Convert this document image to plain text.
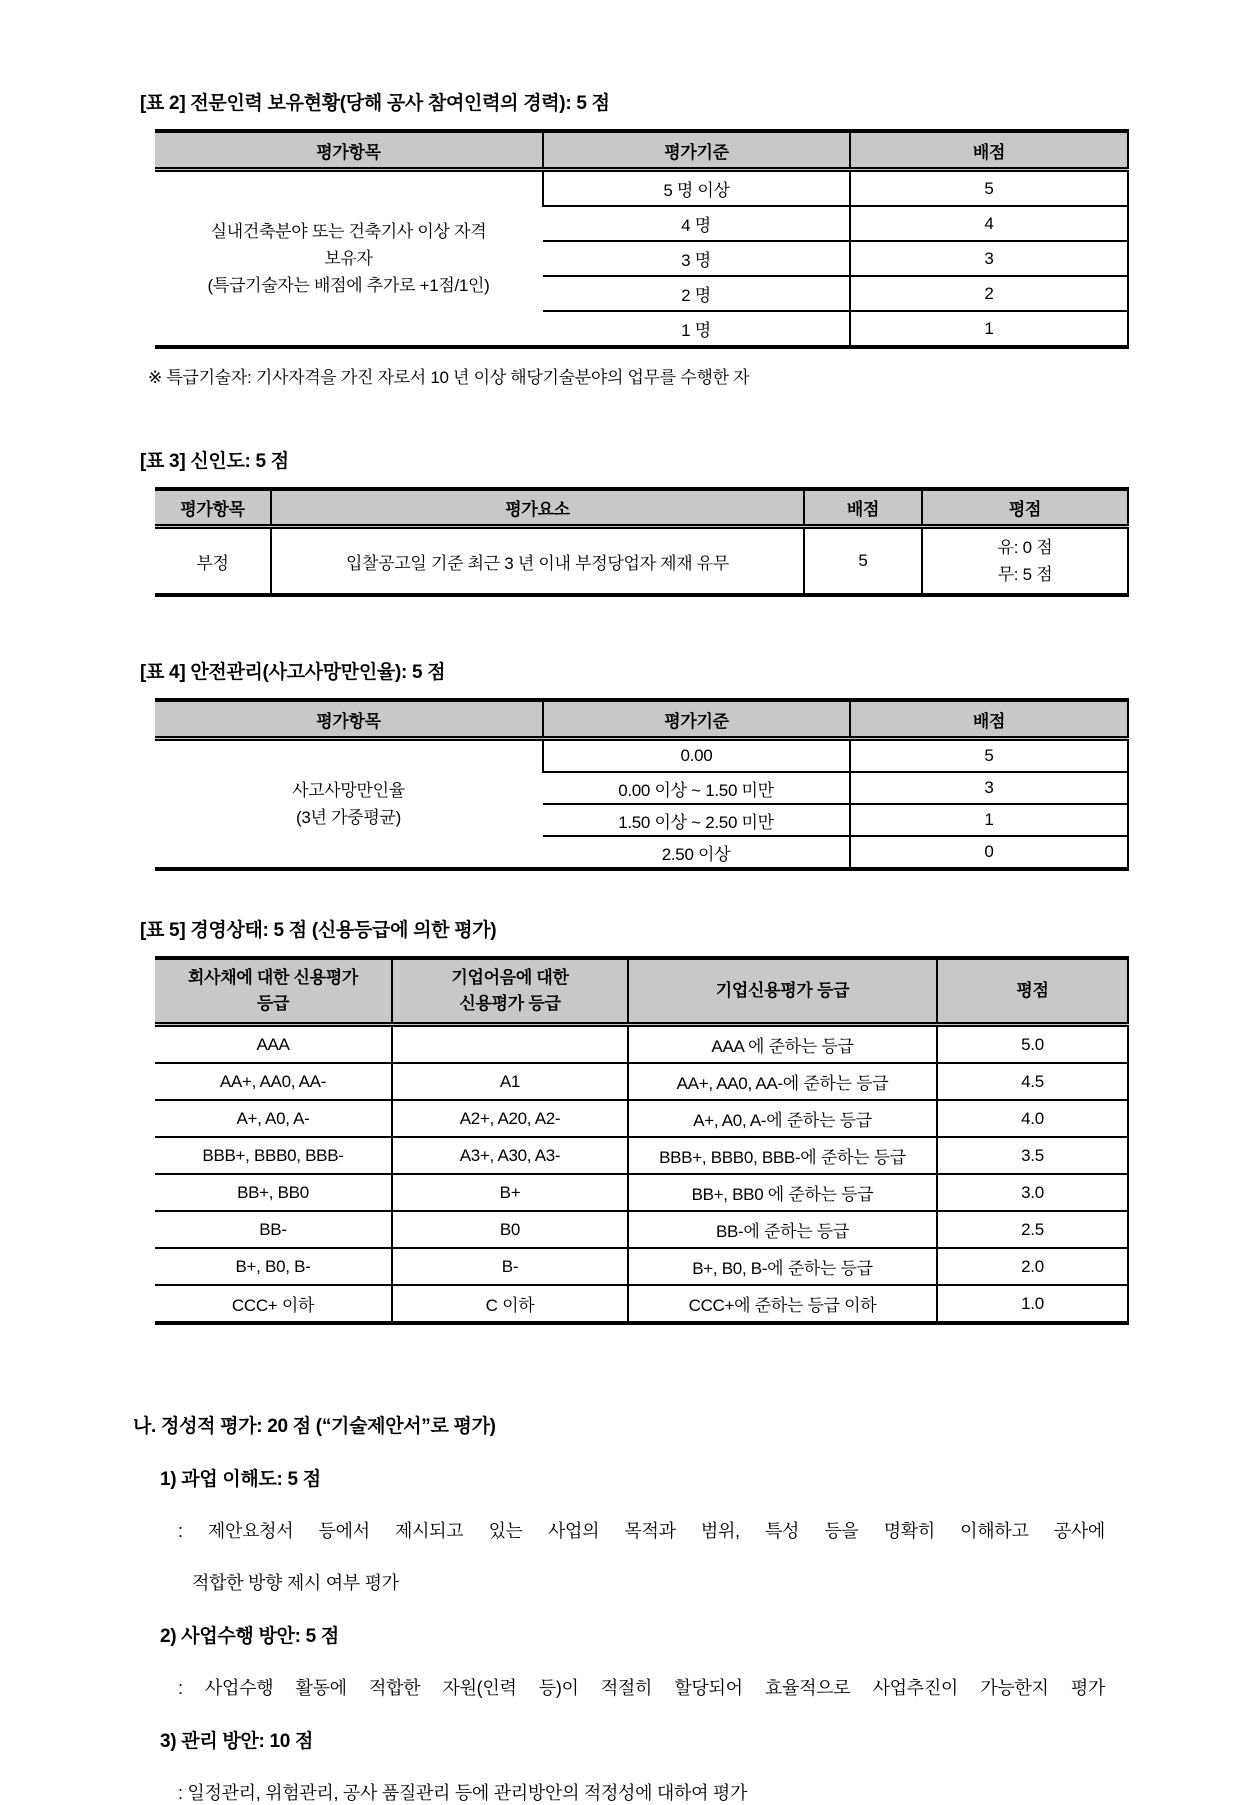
[표 2] 전문인력 보유현황(당해 공사 참여인력의 경력): 5 점
평가항목	평가기준	배점

실내건축분야 또는 건축기사 이상 자격
보유자
(특급기술자는 배점에 추가로 +1점/1인)	5 명 이상	5
	4 명	4
	3 명	3
	2 명	2
	1 명	1
※ 특급기술자: 기사자격을 가진 자로서 10 년 이상 해당기술분야의 업무를 수행한 자
[표 3] 신인도: 5 점
평가항목	평가요소	배점	평점
부정	입찰공고일 기준 최근 3 년 이내 부정당업자 제재 유무	5	유: 0 점
무: 5 점
[표 4] 안전관리(사고사망만인율): 5 점
평가항목	평가기준	배점

사고사망만인율
(3년 가중평균)	0.00	5
	0.00 이상 ~ 1.50 미만	3
	1.50 이상 ~ 2.50 미만	1
	2.50 이상	0
[표 5] 경영상태: 5 점 (신용등급에 의한 평가)
회사채에 대한 신용평가
등급

기업어음에 대한
신용평가 등급
	기업신용평가 등급	평점
AAA		AAA 에 준하는 등급	5.0
AA+, AA0, AA-	A1	AA+, AA0, AA-에 준하는 등급	4.5
A+, A0, A-	A2+, A20, A2-	A+, A0, A-에 준하는 등급	4.0
BBB+, BBB0, BBB-	A3+, A30, A3-	BBB+, BBB0, BBB-에 준하는 등급	3.5
BB+, BB0	B+	BB+, BB0 에 준하는 등급	3.0
BB-	B0	BB-에 준하는 등급	2.5
B+, B0, B-	B-	B+, B0, B-에 준하는 등급	2.0
CCC+ 이하	C 이하	CCC+에 준하는 등급 이하	1.0
나. 정성적 평가: 20 점 (“기술제안서”로 평가)
1) 과업 이해도: 5 점
: 제안요청서 등에서 제시되고 있는 사업의 목적과 범위, 특성 등을 명확히 이해하고 공사에
적합한 방향 제시 여부 평가
2) 사업수행 방안: 5 점
: 사업수행 활동에 적합한 자원(인력 등)이 적절히 할당되어 효율적으로 사업추진이 가능한지 평가
3) 관리 방안: 10 점
: 일정관리, 위험관리, 공사 품질관리 등에 관리방안의 적정성에 대하여 평가
